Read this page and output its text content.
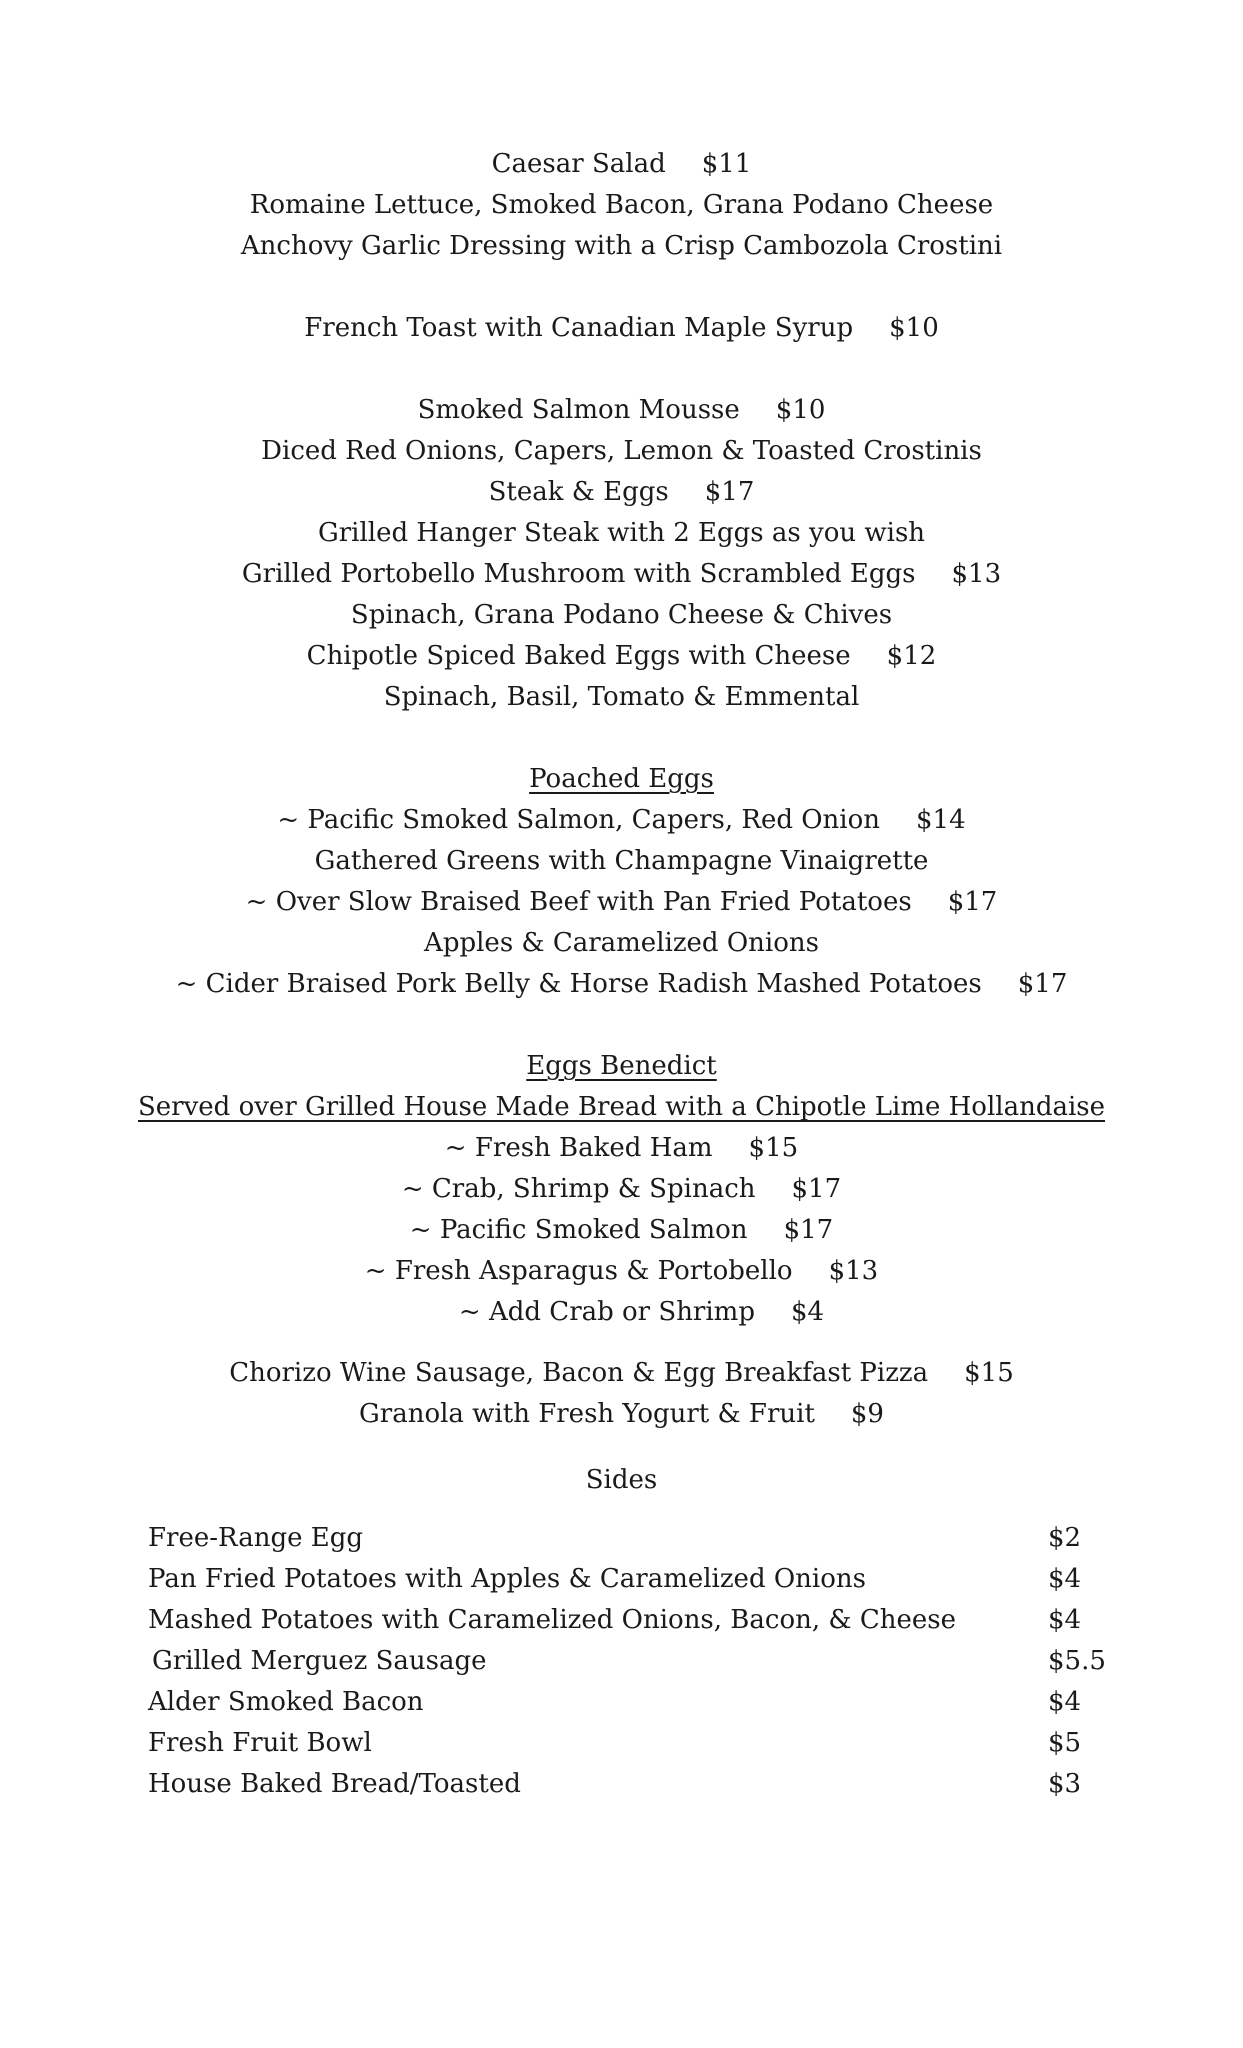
Caesar Salad $11
Romaine Lettuce, Smoked Bacon, Grana Podano Cheese
Anchovy Garlic Dressing with a Crisp Cambozola Crostini
French Toast with Canadian Maple Syrup $10
Smoked Salmon Mousse $10
Diced Red Onions, Capers, Lemon & Toasted Crostinis
Steak & Eggs $17
Grilled Hanger Steak with 2 Eggs as you wish
Grilled Portobello Mushroom with Scrambled Eggs $13
Spinach, Grana Podano Cheese & Chives
Chipotle Spiced Baked Eggs with Cheese $12
Spinach, Basil, Tomato & Emmental
Poached Eggs
~ Pacific Smoked Salmon, Capers, Red Onion $14
Gathered Greens with Champagne Vinaigrette
~ Over Slow Braised Beef with Pan Fried Potatoes $17
Apples & Caramelized Onions
~ Cider Braised Pork Belly & Horse Radish Mashed Potatoes $17
Eggs Benedict
Served over Grilled House Made Bread with a Chipotle Lime Hollandaise
~ Fresh Baked Ham $15
~ Crab, Shrimp & Spinach $17
~ Pacific Smoked Salmon $17
~ Fresh Asparagus & Portobello $13
~ Add Crab or Shrimp $4
Chorizo Wine Sausage, Bacon & Egg Breakfast Pizza $15
Granola with Fresh Yogurt & Fruit $9
Sides
Free-Range Egg	$2
Pan Fried Potatoes with Apples & Caramelized Onions	$4
Mashed Potatoes with Caramelized Onions, Bacon, & Cheese	$4
Grilled Merguez Sausage	$5.5
Alder Smoked Bacon	$4
Fresh Fruit Bowl	$5
House Baked Bread/Toasted	$3
